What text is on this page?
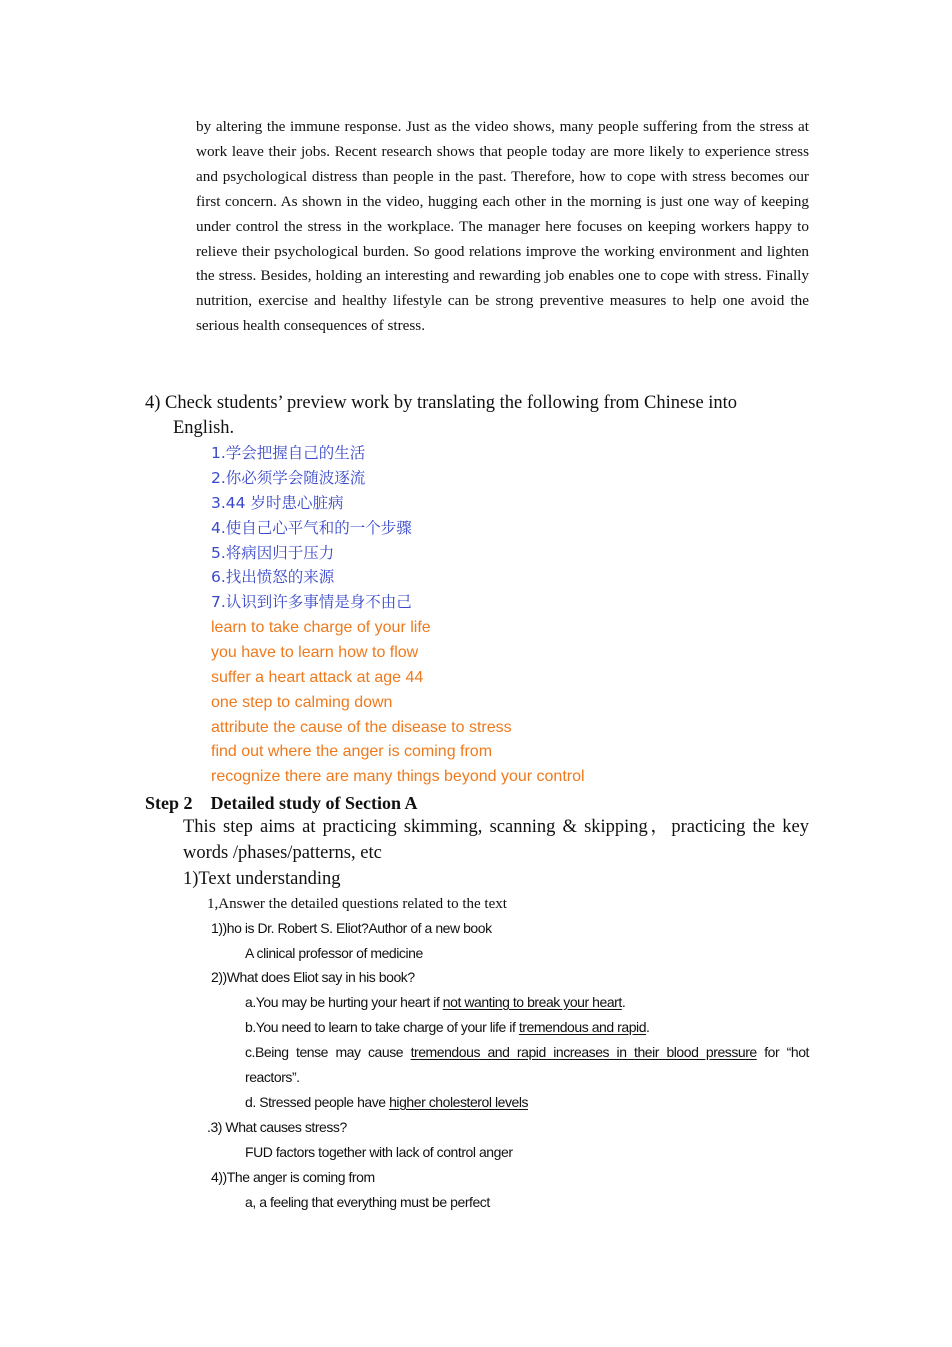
by altering the immune response. Just as the video shows, many people suffering from the stress at work leave their jobs. Recent research shows that people today are more likely to experience stress and psychological distress than people in the past. Therefore, how to cope with stress becomes our first concern. As shown in the video, hugging each other in the morning is just one way of keeping under control the stress in the workplace. The manager here focuses on keeping workers happy to relieve their psychological burden. So good relations improve the working environment and lighten the stress. Besides, holding an interesting and rewarding job enables one to cope with stress. Finally nutrition, exercise and healthy lifestyle can be strong preventive measures to help one avoid the serious health consequences of stress.

4) Check students’ preview work by translating the following from Chinese into
English.

1.学会把握自己的生活
2.你必须学会随波逐流
3.44 岁时患心脏病
4.使自己心平气和的一个步骤
5.将病因归于压力
6.找出愤怒的来源
7.认识到许多事情是身不由己
learn to take charge of your life
you have to learn how to flow
suffer a heart attack at age 44
one step to calming down
attribute the cause of the disease to stress
find out where the anger is coming from
recognize there are many things beyond your control

Step 2 Detailed study of Section A

This step aims at practicing skimming, scanning & skipping，practicing the key words /phases/patterns, etc

1)Text understanding

1,Answer the detailed questions related to the text

1))ho is Dr. Robert S. Eliot?Author of a new book

A clinical professor of medicine

2))What does Eliot say in his book?

a.You may be hurting your heart if not wanting to break your heart.

b.You need to learn to take charge of your life if tremendous and rapid.

c.Being tense may cause tremendous and rapid increases in their blood pressure for “hot reactors”.

d. Stressed people have higher cholesterol levels

.3) What causes stress?

FUD factors together with lack of control anger

4))The anger is coming from

a, a feeling that everything must be perfect
